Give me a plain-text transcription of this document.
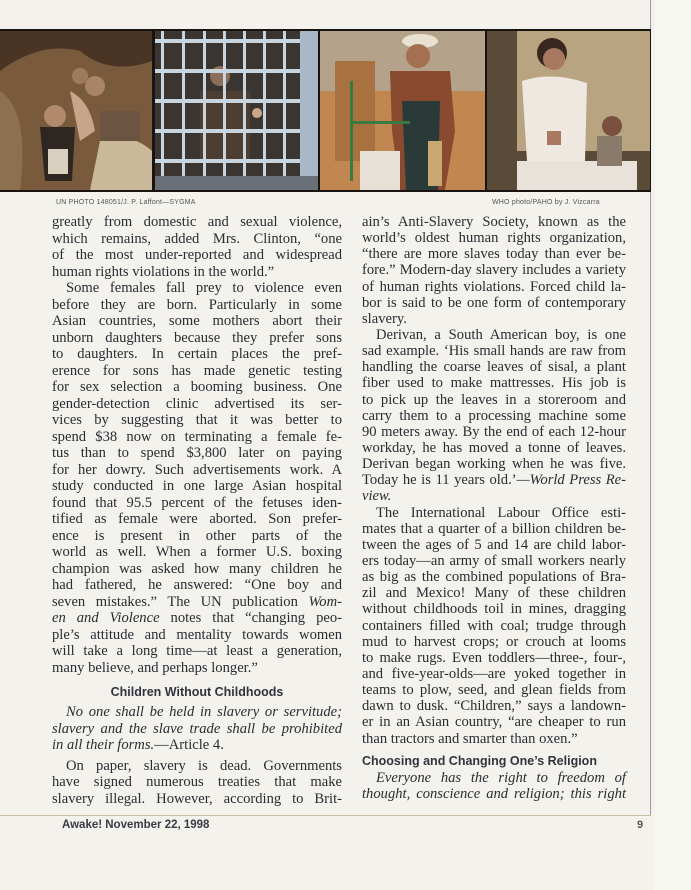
UN PHOTO 148051/J. P. Laffont—SYGMA	WHO photo/PAHO by J. Vizcarra
greatly from domestic and sexual violence,
which remains, added Mrs. Clinton, “one
of the most under-reported and widespread
human rights violations in the world.”
Some females fall prey to violence even
before they are born. Particularly in some
Asian countries, some mothers abort their
unborn daughters because they prefer sons
to daughters. In certain places the pref-
erence for sons has made genetic testing
for sex selection a booming business. One
gender-detection clinic advertised its ser-
vices by suggesting that it was better to
spend $38 now on terminating a female fe-
tus than to spend $3,800 later on paying
for her dowry. Such advertisements work. A
study conducted in one large Asian hospital
found that 95.5 percent of the fetuses iden-
tified as female were aborted. Son prefer-
ence is present in other parts of the
world as well. When a former U.S. boxing
champion was asked how many children he
had fathered, he answered: “One boy and
seven mistakes.” The UN publication Wom-
en and Violence notes that “changing peo-
ple’s attitude and mentality towards women
will take a long time—at least a generation,
many believe, and perhaps longer.”
Children Without Childhoods
No one shall be held in slavery or servitude;
slavery and the slave trade shall be prohibited
in all their forms.—Article 4.
On paper, slavery is dead. Governments
have signed numerous treaties that make
slavery illegal. However, according to Brit-
ain’s Anti-Slavery Society, known as the
world’s oldest human rights organization,
“there are more slaves today than ever be-
fore.” Modern-day slavery includes a variety
of human rights violations. Forced child la-
bor is said to be one form of contemporary
slavery.
Derivan, a South American boy, is one
sad example. ‘His small hands are raw from
handling the coarse leaves of sisal, a plant
fiber used to make mattresses. His job is
to pick up the leaves in a storeroom and
carry them to a processing machine some
90 meters away. By the end of each 12-hour
workday, he has moved a tonne of leaves.
Derivan began working when he was five.
Today he is 11 years old.’—World Press Re-
view.
The International Labour Office esti-
mates that a quarter of a billion children be-
tween the ages of 5 and 14 are child labor-
ers today—an army of small workers nearly
as big as the combined populations of Bra-
zil and Mexico! Many of these children
without childhoods toil in mines, dragging
containers filled with coal; trudge through
mud to harvest crops; or crouch at looms
to make rugs. Even toddlers—three-, four-,
and five-year-olds—are yoked together in
teams to plow, seed, and glean fields from
dawn to dusk. “Children,” says a landown-
er in an Asian country, “are cheaper to run
than tractors and smarter than oxen.”
Choosing and Changing One’s Religion
Everyone has the right to freedom of
thought, conscience and religion; this right
Awake! November 22, 1998	9
